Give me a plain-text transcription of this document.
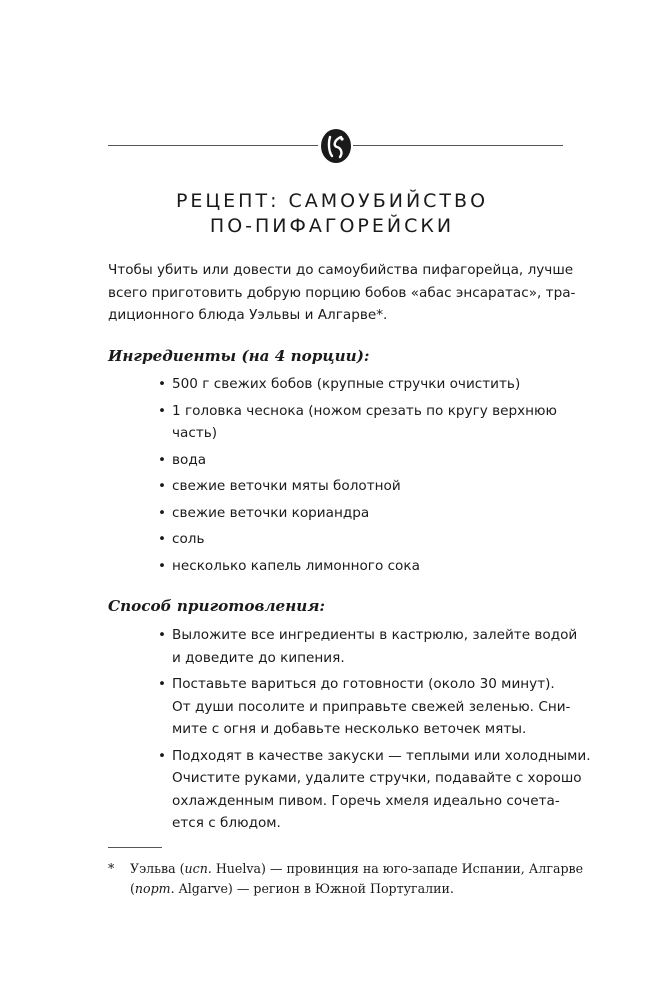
РЕЦЕПТ: САМОУБИЙСТВО
ПО-ПИФАГОРЕЙСКИ
Чтобы убить или довести до самоубийства пифагорейца, лучше
всего приготовить добрую порцию бобов «абас энсаратас», тра-
диционного блюда Уэльвы и Алгарве*.
Ингредиенты (на 4 порции):
• 500 г свежих бобов (крупные стручки очистить)
• 1 головка чеснока (ножом срезать по кругу верхнюю
часть)
• вода
• свежие веточки мяты болотной
• свежие веточки кориандра
• соль
• несколько капель лимонного сока
Способ приготовления:
• Выложите все ингредиенты в кастрюлю, залейте водой
и доведите до кипения.
• Поставьте вариться до готовности (около 30 минут).
От души посолите и приправьте свежей зеленью. Сни-
мите с огня и добавьте несколько веточек мяты.
• Подходят в качестве закуски — теплыми или холодными.
Очистите руками, удалите стручки, подавайте с хорошо
охлажденным пивом. Горечь хмеля идеально сочета-
ется с блюдом.
*	Уэльва (исп. Huelva) — провинция на юго-западе Испании, Алгарве
(порт. Algarve) — регион в Южной Португалии.
